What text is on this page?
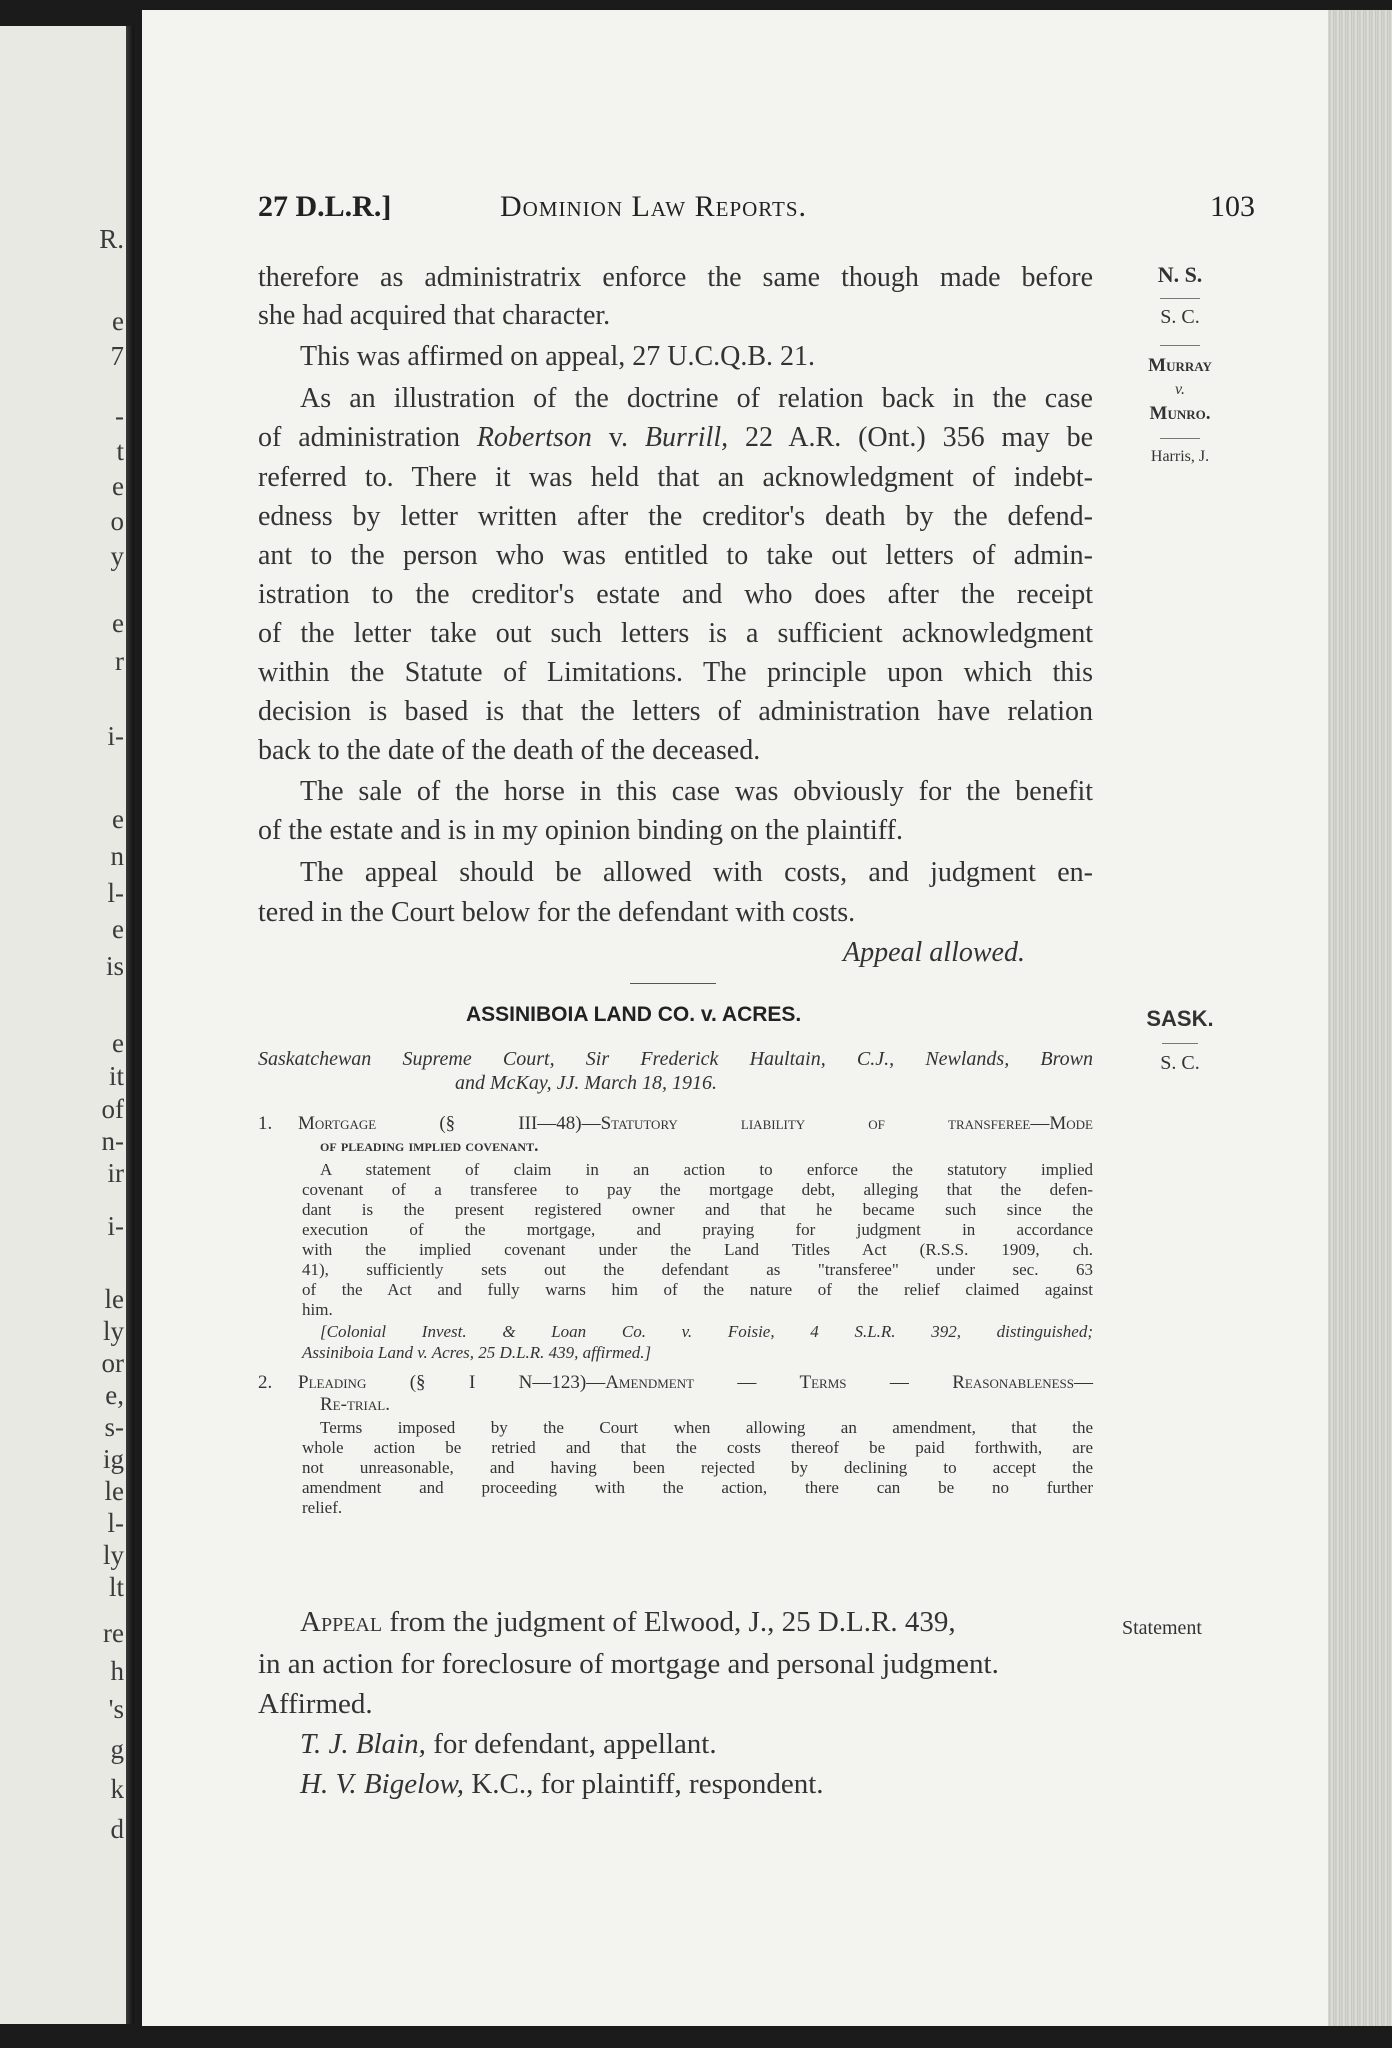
R.
e
7
-
t
e
o
y
e
r
i-
e
n
l-
e
is
e
it
of
n-
ir
i-
le
ly
or
e,
s-
ig
le
l-
ly
lt
re
h
's
g
k
d
27 D.L.R.]	Dominion Law Reports.	103
N. S.
S. C.
Murray
v.
Munro.
Harris, J.
therefore as administratrix enforce the same though made before
she had acquired that character.
This was affirmed on appeal, 27 U.C.Q.B. 21.
As an illustration of the doctrine of relation back in the case
of administration Robertson v. Burrill, 22 A.R. (Ont.) 356 may be
referred to. There it was held that an acknowledgment of indebt-
edness by letter written after the creditor's death by the defend-
ant to the person who was entitled to take out letters of admin-
istration to the creditor's estate and who does after the receipt
of the letter take out such letters is a sufficient acknowledgment
within the Statute of Limitations. The principle upon which this
decision is based is that the letters of administration have relation
back to the date of the death of the deceased.
The sale of the horse in this case was obviously for the benefit
of the estate and is in my opinion binding on the plaintiff.
The appeal should be allowed with costs, and judgment en-
tered in the Court below for the defendant with costs.
Appeal allowed.
ASSINIBOIA LAND CO. v. ACRES.	SASK.
S. C.
Saskatchewan Supreme Court, Sir Frederick Haultain, C.J., Newlands, Brown
and McKay, JJ. March 18, 1916.
1. Mortgage (§ III—48)—Statutory liability of transferee—Mode
of pleading implied covenant.
A statement of claim in an action to enforce the statutory implied
covenant of a transferee to pay the mortgage debt, alleging that the defen-
dant is the present registered owner and that he became such since the
execution of the mortgage, and praying for judgment in accordance
with the implied covenant under the Land Titles Act (R.S.S. 1909, ch.
41), sufficiently sets out the defendant as "transferee" under sec. 63
of the Act and fully warns him of the nature of the relief claimed against
him.
[Colonial Invest. & Loan Co. v. Foisie, 4 S.L.R. 392, distinguished;
Assiniboia Land v. Acres, 25 D.L.R. 439, affirmed.]
2. Pleading (§ I N—123)—Amendment — Terms — Reasonableness—
Re-trial.
Terms imposed by the Court when allowing an amendment, that the
whole action be retried and that the costs thereof be paid forthwith, are
not unreasonable, and having been rejected by declining to accept the
amendment and proceeding with the action, there can be no further
relief.
Statement
Appeal from the judgment of Elwood, J., 25 D.L.R. 439,
in an action for foreclosure of mortgage and personal judgment.
Affirmed.
T. J. Blain, for defendant, appellant.
H. V. Bigelow, K.C., for plaintiff, respondent.
